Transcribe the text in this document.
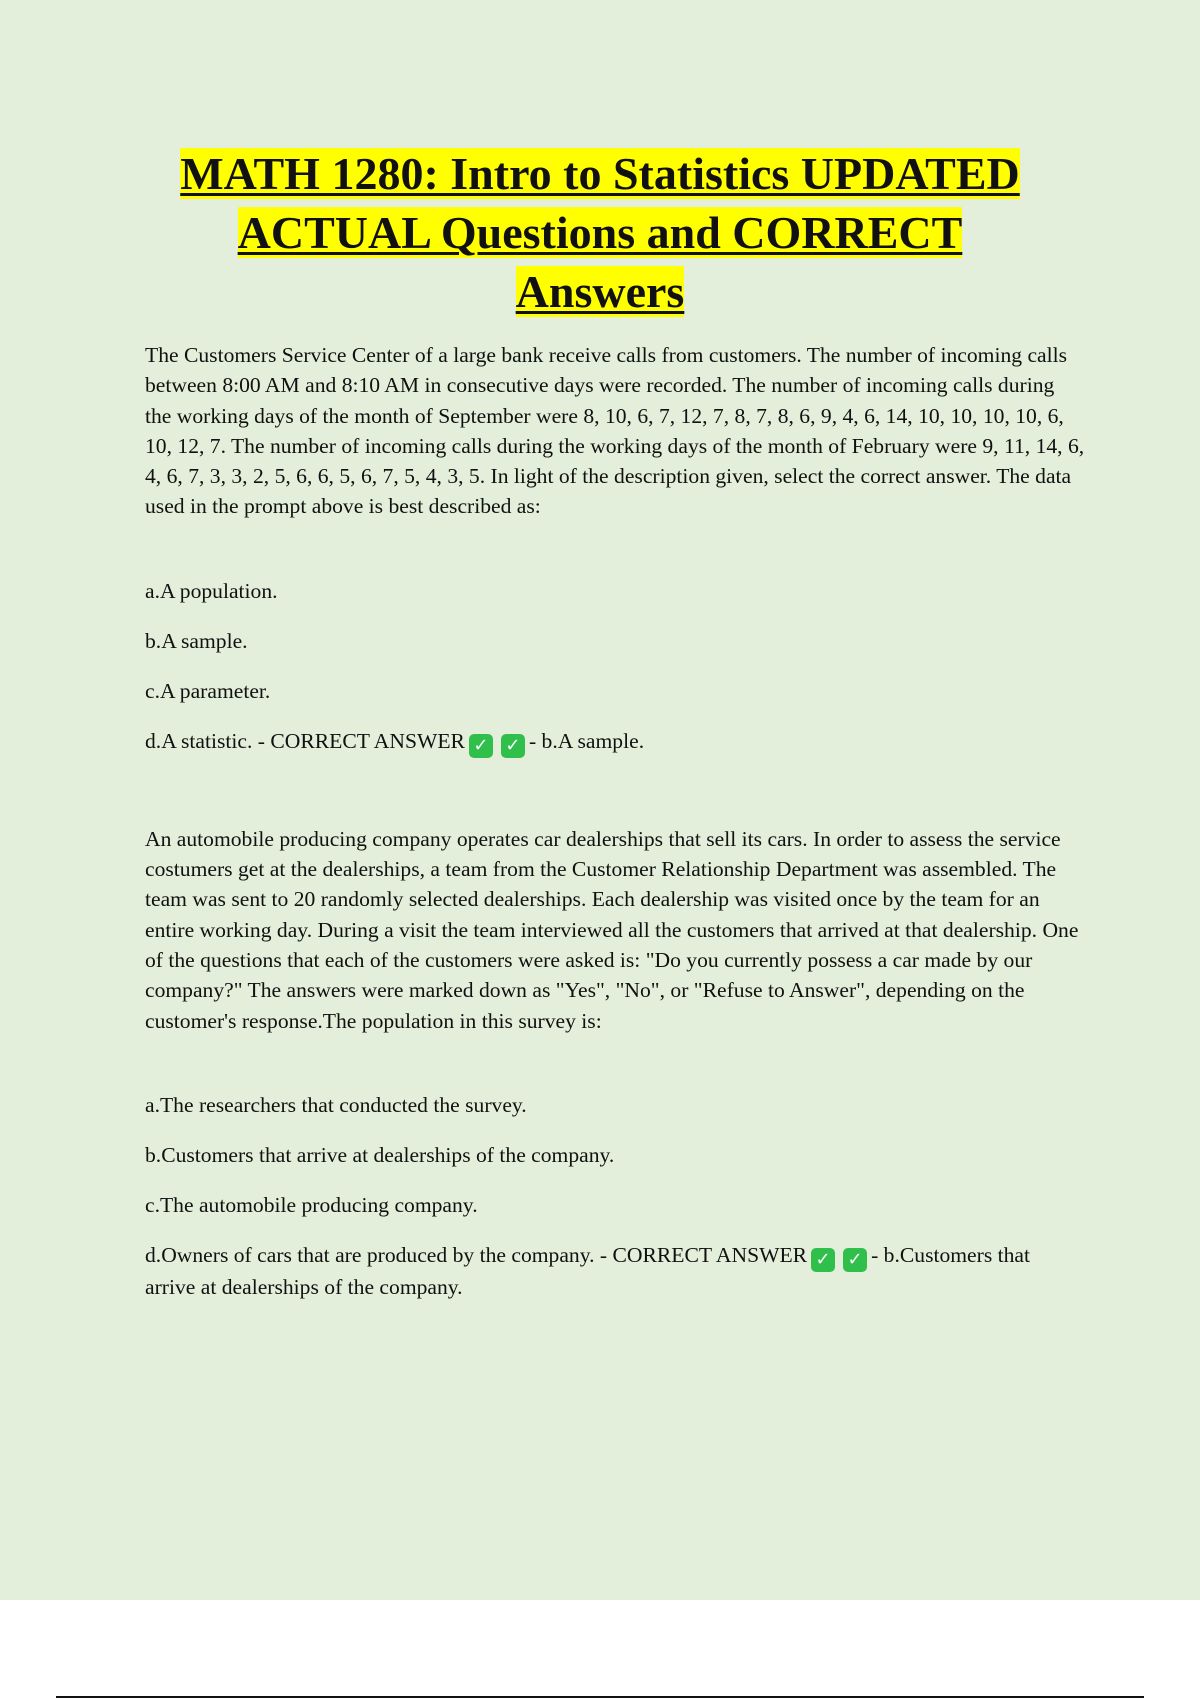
MATH 1280: Intro to Statistics UPDATED
ACTUAL Questions and CORRECT
Answers

The Customers Service Center of a large bank receive calls from customers. The number of incoming calls between 8:00 AM and 8:10 AM in consecutive days were recorded. The number of incoming calls during the working days of the month of September were 8, 10, 6, 7, 12, 7, 8, 7, 8, 6, 9, 4, 6, 14, 10, 10, 10, 10, 6, 10, 12, 7. The number of incoming calls during the working days of the month of February were 9, 11, 14, 6, 4, 6, 7, 3, 3, 2, 5, 6, 6, 5, 6, 7, 5, 4, 3, 5. In light of the description given, select the correct answer. The data used in the prompt above is best described as:

a.A population.

b.A sample.

c.A parameter.

d.A statistic. - CORRECT ANSWER ✓ ✓ - b.A sample.

An automobile producing company operates car dealerships that sell its cars. In order to assess the service costumers get at the dealerships, a team from the Customer Relationship Department was assembled. The team was sent to 20 randomly selected dealerships. Each dealership was visited once by the team for an entire working day. During a visit the team interviewed all the customers that arrived at that dealership. One of the questions that each of the customers were asked is: "Do you currently possess a car made by our company?" The answers were marked down as "Yes", "No", or "Refuse to Answer", depending on the customer's response.The population in this survey is:

a.The researchers that conducted the survey.

b.Customers that arrive at dealerships of the company.

c.The automobile producing company.

d.Owners of cars that are produced by the company. - CORRECT ANSWER ✓ ✓ - b.Customers that arrive at dealerships of the company.
